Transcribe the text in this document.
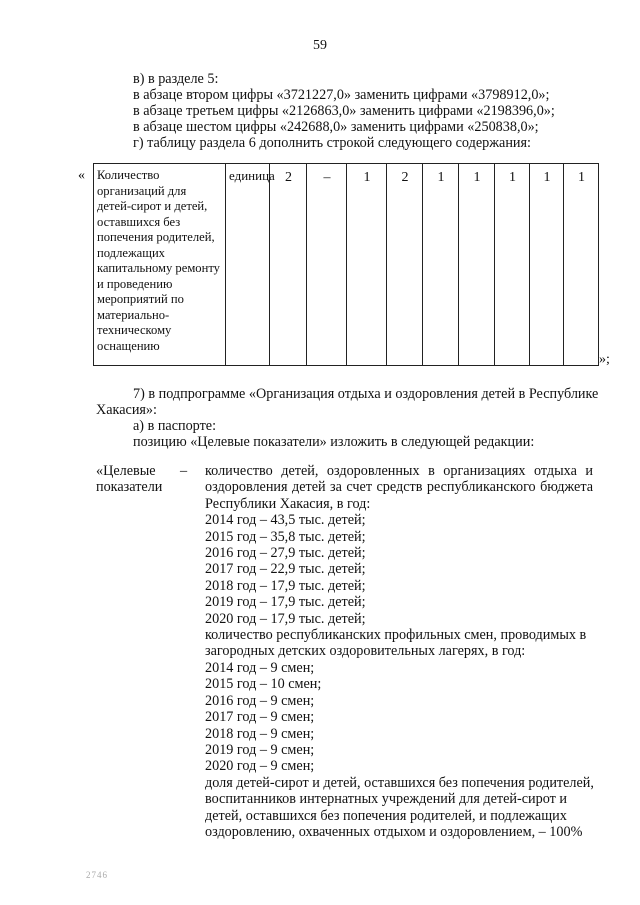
59
в) в разделе 5:
в абзаце втором цифры «3721227,0» заменить цифрами «3798912,0»;
в абзаце третьем цифры «2126863,0» заменить цифрами «2198396,0»;
в абзаце шестом цифры «242688,0» заменить цифрами «250838,0»;
г) таблицу раздела 6 дополнить строкой следующего содержания:
« Количество организаций для детей-сирот и детей, оставшихся без попечения родителей, подлежащих капитальному ремонту и проведению мероприятий по материально-техническому оснащению	единица	2	–	1	2	1	1	1	1	1
»;
7) в подпрограмме «Организация отдыха и оздоровления детей в Республике
Хакасия»:
а) в паспорте:
позицию «Целевые показатели» изложить в следующей редакции:
«Целевые
показатели
– количество детей, оздоровленных в организациях отдыха и
оздоровления детей за счет средств республиканского бюджета
Республики Хакасия, в год:
2014 год – 43,5 тыс. детей;
2015 год – 35,8 тыс. детей;
2016 год – 27,9 тыс. детей;
2017 год – 22,9 тыс. детей;
2018 год – 17,9 тыс. детей;
2019 год – 17,9 тыс. детей;
2020 год – 17,9 тыс. детей;
количество республиканских профильных смен, проводимых в
загородных детских оздоровительных лагерях, в год:
2014 год – 9 смен;
2015 год – 10 смен;
2016 год – 9 смен;
2017 год – 9 смен;
2018 год – 9 смен;
2019 год – 9 смен;
2020 год – 9 смен;
доля детей-сирот и детей, оставшихся без попечения родителей,
воспитанников интернатных учреждений для детей-сирот и
детей, оставшихся без попечения родителей, и подлежащих
оздоровлению, охваченных отдыхом и оздоровлением, – 100%
2746
